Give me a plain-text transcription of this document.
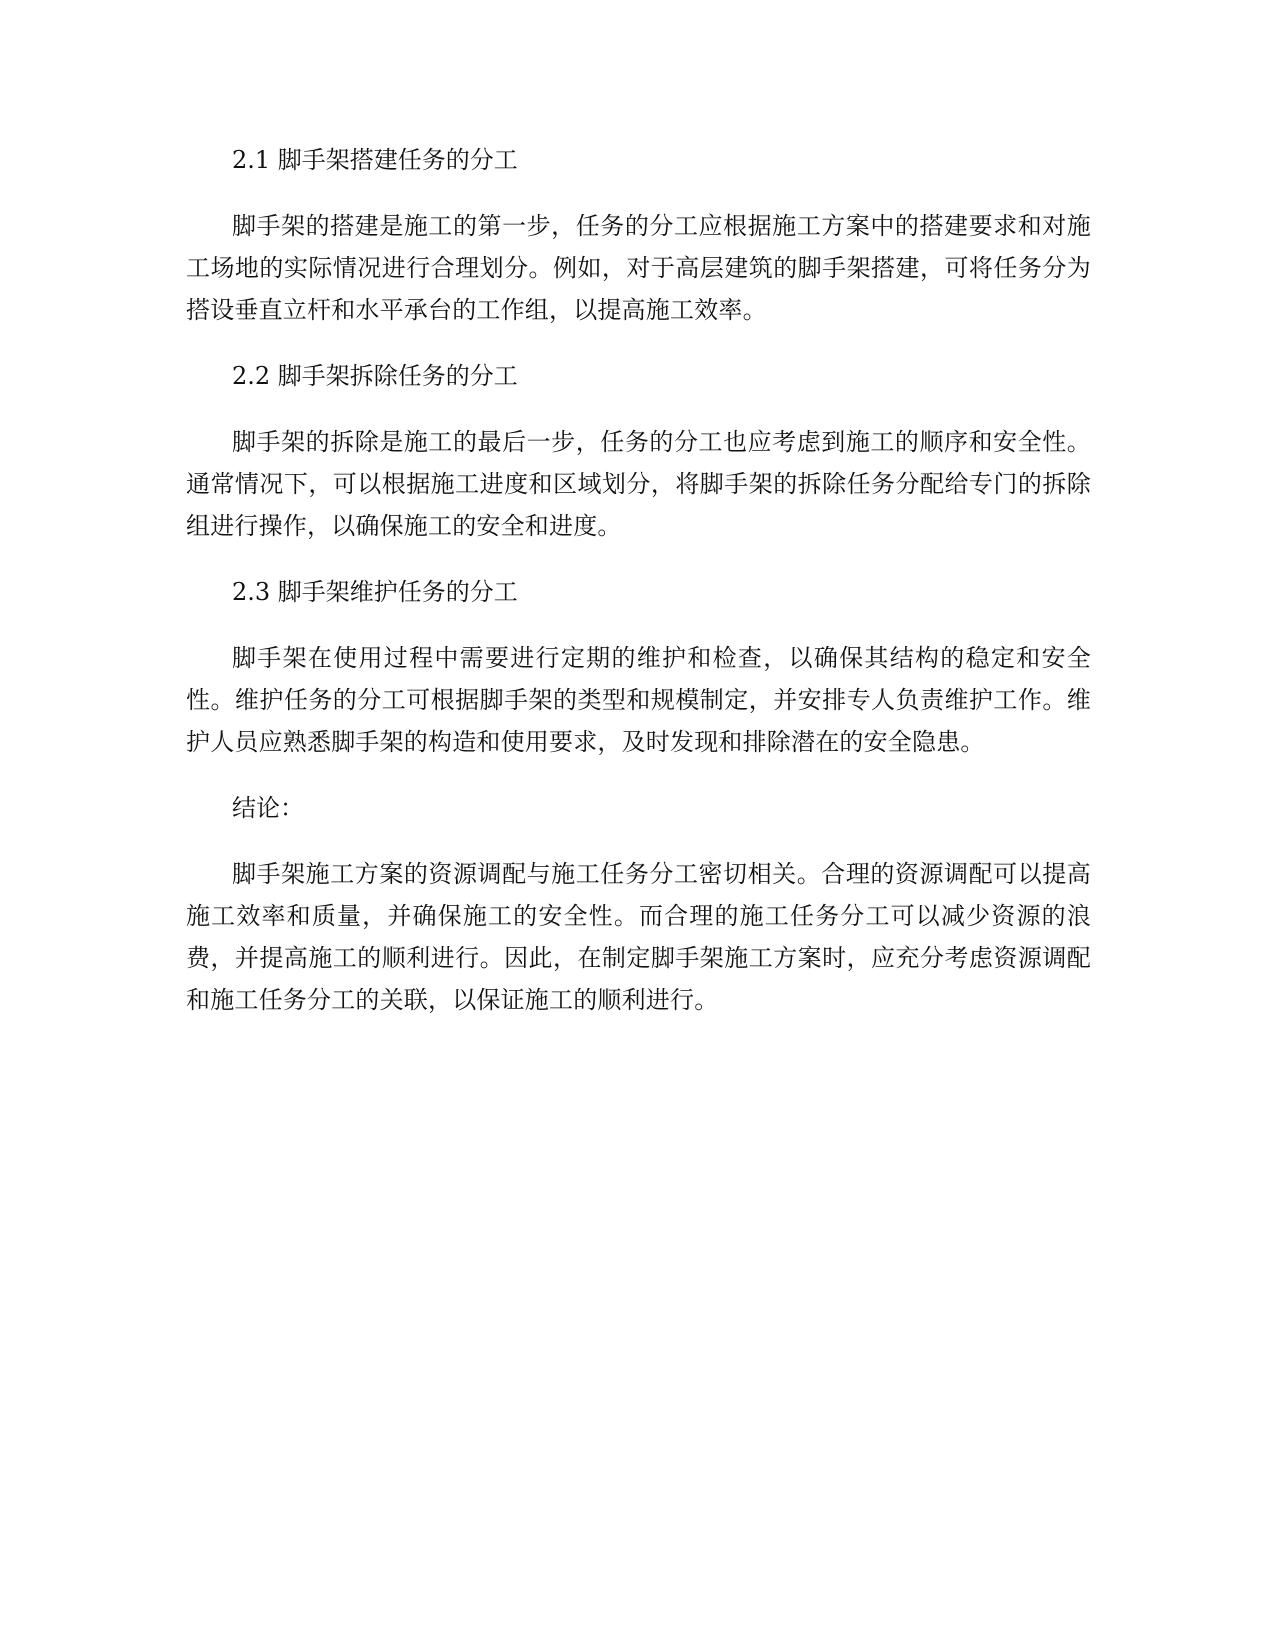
2.1 脚手架搭建任务的分工

脚手架的搭建是施工的第一步，任务的分工应根据施工方案中的搭建要求和对施工场地的实际情况进行合理划分。例如，对于高层建筑的脚手架搭建，可将任务分为搭设垂直立杆和水平承台的工作组，以提高施工效率。

2.2 脚手架拆除任务的分工

脚手架的拆除是施工的最后一步，任务的分工也应考虑到施工的顺序和安全性。通常情况下，可以根据施工进度和区域划分，将脚手架的拆除任务分配给专门的拆除组进行操作，以确保施工的安全和进度。

2.3 脚手架维护任务的分工

脚手架在使用过程中需要进行定期的维护和检查，以确保其结构的稳定和安全性。维护任务的分工可根据脚手架的类型和规模制定，并安排专人负责维护工作。维护人员应熟悉脚手架的构造和使用要求，及时发现和排除潜在的安全隐患。

结论：

脚手架施工方案的资源调配与施工任务分工密切相关。合理的资源调配可以提高施工效率和质量，并确保施工的安全性。而合理的施工任务分工可以减少资源的浪费，并提高施工的顺利进行。因此，在制定脚手架施工方案时，应充分考虑资源调配和施工任务分工的关联，以保证施工的顺利进行。
